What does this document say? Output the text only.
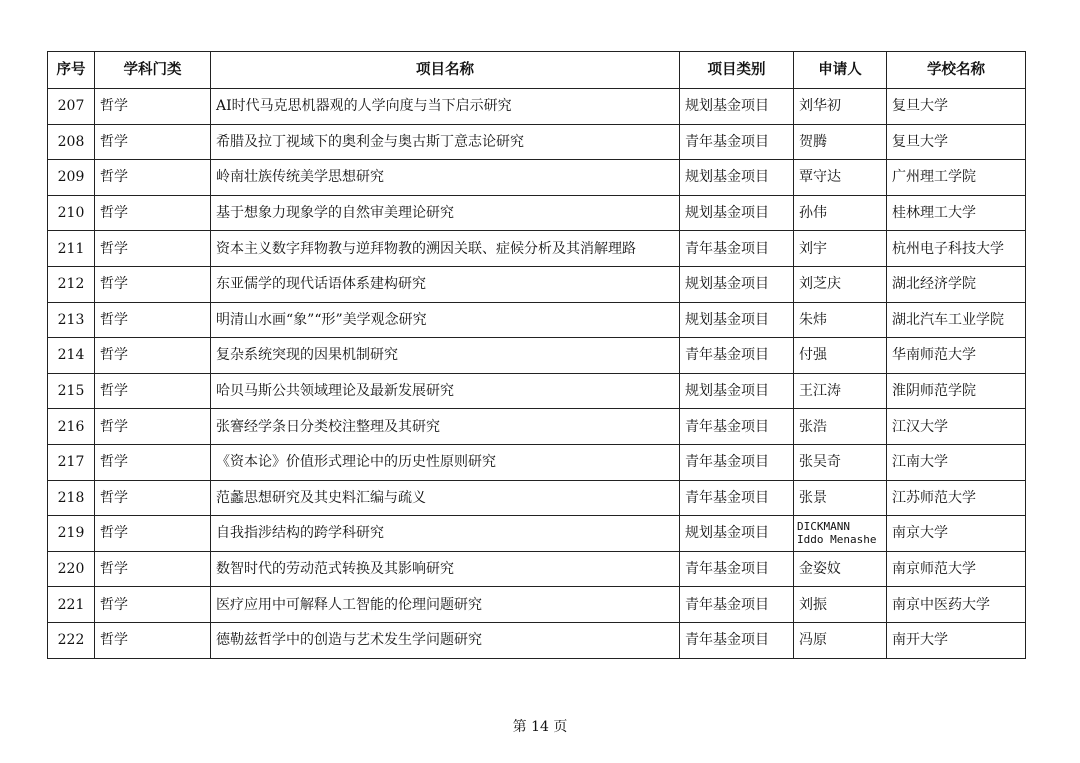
序号	学科门类	项目名称	项目类别	申请人	学校名称
207	哲学	AI时代马克思机器观的人学向度与当下启示研究	规划基金项目	刘华初	复旦大学
208	哲学	希腊及拉丁视域下的奥利金与奥古斯丁意志论研究	青年基金项目	贺腾	复旦大学
209	哲学	岭南壮族传统美学思想研究	规划基金项目	覃守达	广州理工学院
210	哲学	基于想象力现象学的自然审美理论研究	规划基金项目	孙伟	桂林理工大学
211	哲学	资本主义数字拜物教与逆拜物教的溯因关联、症候分析及其消解理路	青年基金项目	刘宇	杭州电子科技大学
212	哲学	东亚儒学的现代话语体系建构研究	规划基金项目	刘芝庆	湖北经济学院
213	哲学	明清山水画“象”“形”美学观念研究	规划基金项目	朱炜	湖北汽车工业学院
214	哲学	复杂系统突现的因果机制研究	青年基金项目	付强	华南师范大学
215	哲学	哈贝马斯公共领域理论及最新发展研究	规划基金项目	王江涛	淮阴师范学院
216	哲学	张謇经学条日分类校注整理及其研究	青年基金项目	张浩	江汉大学
217	哲学	《资本论》价值形式理论中的历史性原则研究	青年基金项目	张吴奇	江南大学
218	哲学	范蠡思想研究及其史料汇编与疏义	青年基金项目	张景	江苏师范大学
219	哲学	自我指涉结构的跨学科研究	规划基金项目	DICKMANN Iddo Menashe	南京大学
220	哲学	数智时代的劳动范式转换及其影响研究	青年基金项目	金姿妏	南京师范大学
221	哲学	医疗应用中可解释人工智能的伦理问题研究	青年基金项目	刘振	南京中医药大学
222	哲学	德勒兹哲学中的创造与艺术发生学问题研究	青年基金项目	冯原	南开大学
第 14 页
